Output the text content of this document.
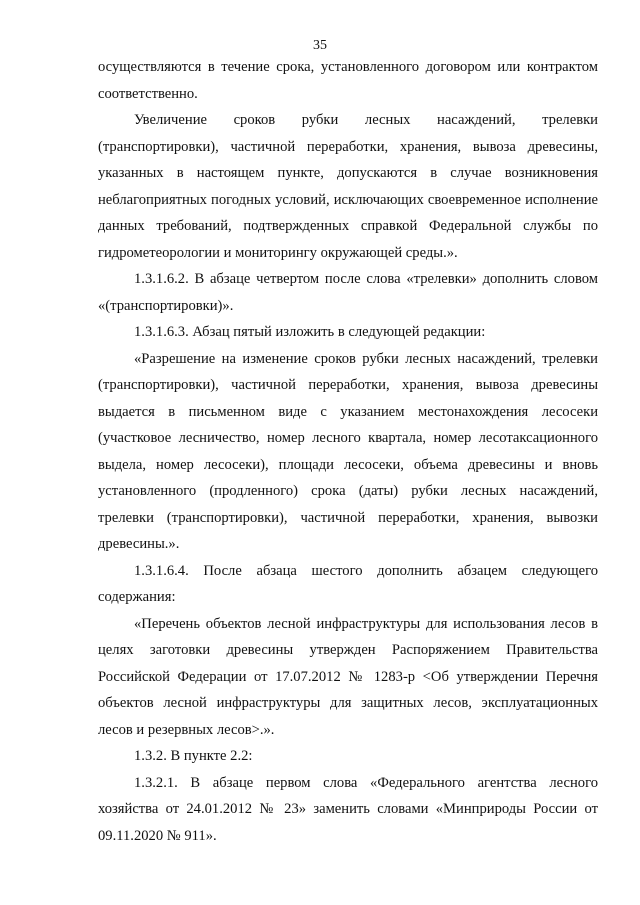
35

осуществляются в течение срока, установленного договором или контрактом соответственно.

Увеличение сроков рубки лесных насаждений, трелевки (транспортировки), частичной переработки, хранения, вывоза древесины, указанных в настоящем пункте, допускаются в случае возникновения неблагоприятных погодных условий, исключающих своевременное исполнение данных требований, подтвержденных справкой Федеральной службы по гидрометеорологии и мониторингу окружающей среды.».

1.3.1.6.2. В абзаце четвертом после слова «трелевки» дополнить словом «(транспортировки)».

1.3.1.6.3. Абзац пятый изложить в следующей редакции:

«Разрешение на изменение сроков рубки лесных насаждений, трелевки (транспортировки), частичной переработки, хранения, вывоза древесины выдается в письменном виде с указанием местонахождения лесосеки (участковое лесничество, номер лесного квартала, номер лесотаксационного выдела, номер лесосеки), площади лесосеки, объема древесины и вновь установленного (продленного) срока (даты) рубки лесных насаждений, трелевки (транспортировки), частичной переработки, хранения, вывозки древесины.».

1.3.1.6.4. После абзаца шестого дополнить абзацем следующего содержания:

«Перечень объектов лесной инфраструктуры для использования лесов в целях заготовки древесины утвержден Распоряжением Правительства Российской Федерации от 17.07.2012 № 1283-р <Об утверждении Перечня объектов лесной инфраструктуры для защитных лесов, эксплуатационных лесов и резервных лесов>.».

1.3.2. В пункте 2.2:

1.3.2.1. В абзаце первом слова «Федерального агентства лесного хозяйства от 24.01.2012 № 23» заменить словами «Минприроды России от 09.11.2020 № 911».
